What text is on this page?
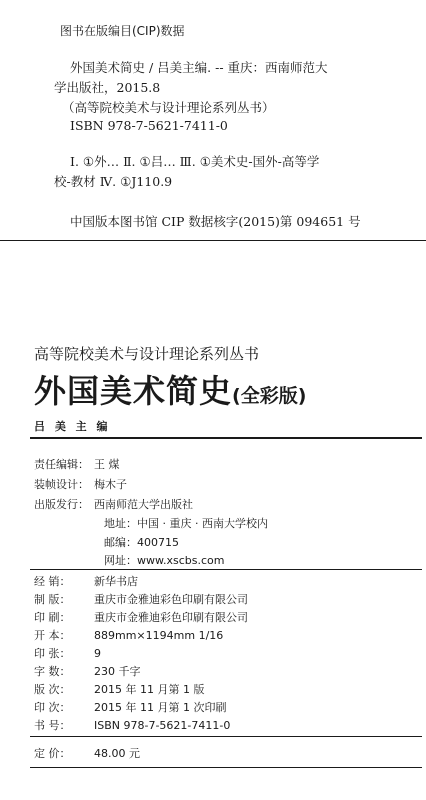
图书在版编目(CIP)数据
外国美术简史 / 吕美主编. -- 重庆：西南师范大
学出版社，2015.8
（高等院校美术与设计理论系列丛书）
ISBN 978-7-5621-7411-0
Ⅰ. ①外… Ⅱ. ①吕… Ⅲ. ①美术史-国外-高等学
校-教材 Ⅳ. ①J110.9
中国版本图书馆 CIP 数据核字(2015)第 094651 号
高等院校美术与设计理论系列丛书
外国美术简史(全彩版)
吕 美 主 编
责任编辑： 王 煤
装帧设计： 梅木子
出版发行： 西南师范大学出版社
地址：中国 · 重庆 · 西南大学校内
邮编：400715
网址：www.xscbs.com
经 销： 新华书店
制 版： 重庆市金雅迪彩色印刷有限公司
印 刷： 重庆市金雅迪彩色印刷有限公司
开 本： 889mm×1194mm 1/16
印 张： 9
字 数： 230 千字
版 次： 2015 年 11 月第 1 版
印 次： 2015 年 11 月第 1 次印刷
书 号： ISBN 978-7-5621-7411-0
定 价： 48.00 元
